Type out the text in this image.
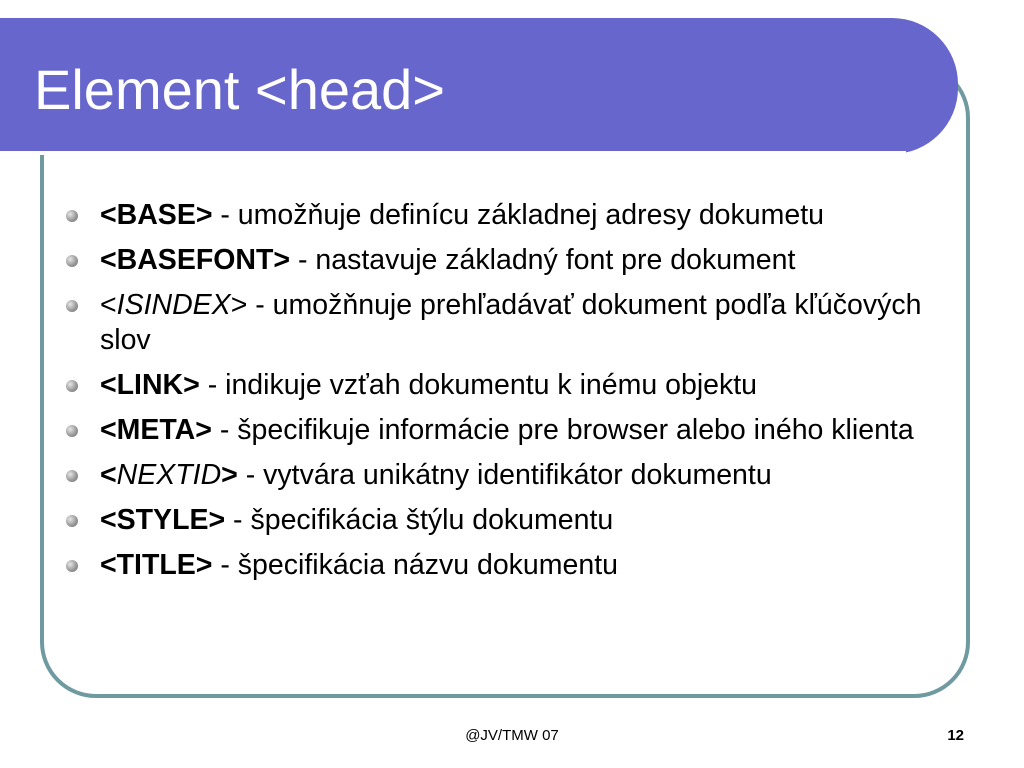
Element <head>
<BASE> - umožňuje definícu základnej adresy dokumetu
<BASEFONT> - nastavuje základný font pre dokument
<ISINDEX> - umožňnuje prehľadávať dokument podľa kľúčových slov
<LINK> - indikuje vzťah dokumentu k inému objektu
<META> - špecifikuje informácie pre browser alebo iného klienta
<NEXTID> - vytvára unikátny identifikátor dokumentu
<STYLE> - špecifikácia štýlu dokumentu
<TITLE> - špecifikácia názvu dokumentu
@JV/TMW 07	12
